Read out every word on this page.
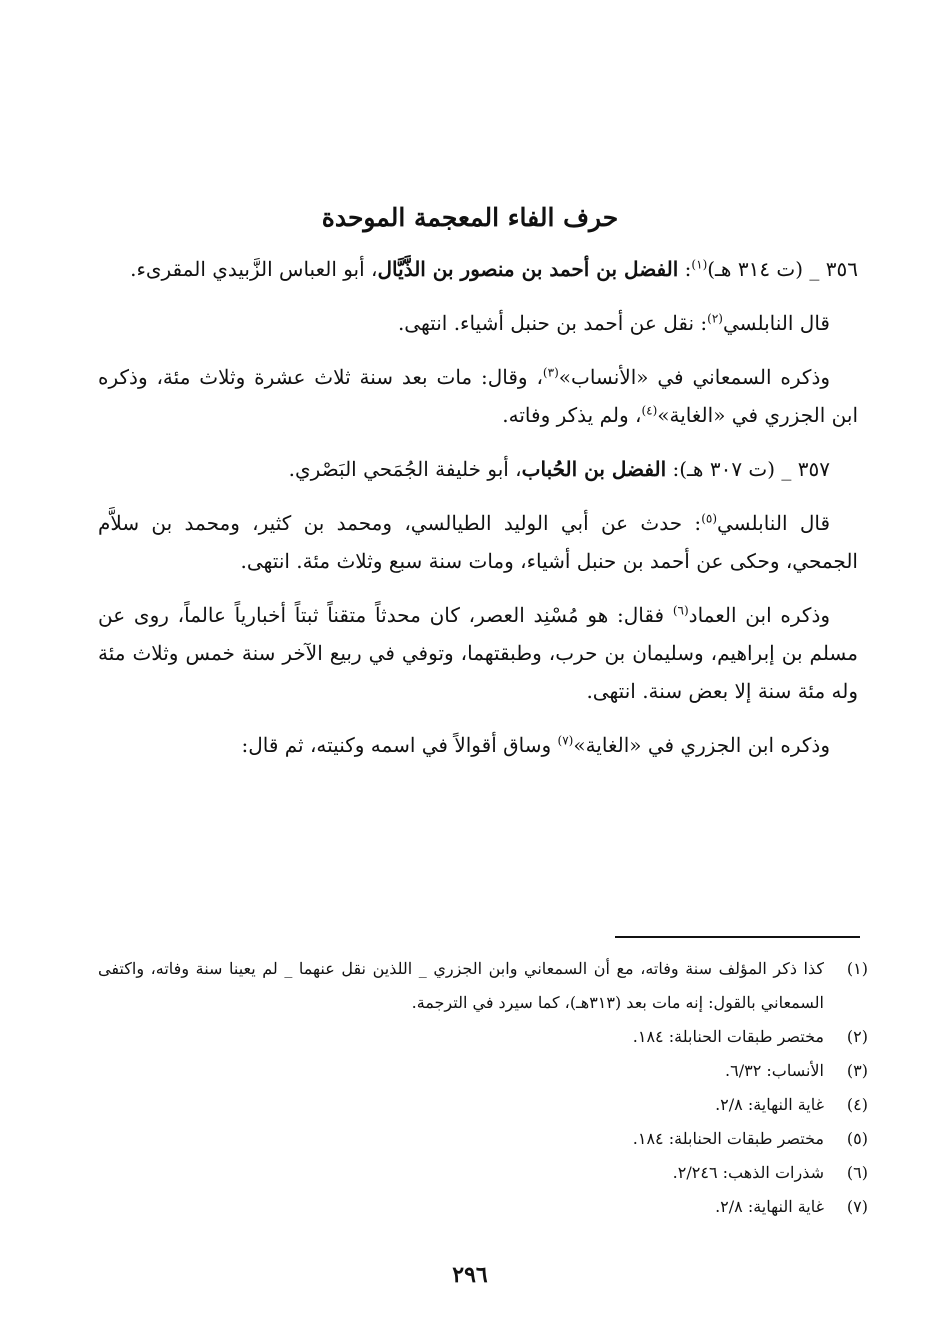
حرف الفاء المعجمة الموحدة

٣٥٦ _ (ت ٣١٤ هـ)$^{(١)}$: الفضل بن أحمد بن منصور بن الذَّيَّال، أبو العباس الزَّبيدي المقرىء.

قال النابلسي$^{(٢)}$: نقل عن أحمد بن حنبل أشياء. انتهى.

وذكره السمعاني في «الأنساب»$^{(٣)}$، وقال: مات بعد سنة ثلاث عشرة وثلاث مئة، وذكره ابن الجزري في «الغاية»$^{(٤)}$، ولم يذكر وفاته.

٣٥٧ _ (ت ٣٠٧ هـ): الفضل بن الحُباب، أبو خليفة الجُمَحي البَصْري.

قال النابلسي$^{(٥)}$: حدث عن أبي الوليد الطيالسي، ومحمد بن كثير، ومحمد بن سلاَّم الجمحي، وحكى عن أحمد بن حنبل أشياء، ومات سنة سبع وثلاث مئة. انتهى.

وذكره ابن العماد$^{(٦)}$ فقال: هو مُسْنِد العصر، كان محدثاً متقناً ثبتاً أخبارياً عالماً، روى عن مسلم بن إبراهيم، وسليمان بن حرب، وطبقتهما، وتوفي في ربيع الآخر سنة خمس وثلاث مئة وله مئة سنة إلا بعض سنة. انتهى.

وذكره ابن الجزري في «الغاية»$^{(٧)}$ وساق أقوالاً في اسمه وكنيته، ثم قال:

(١)
كذا ذكر المؤلف سنة وفاته، مع أن السمعاني وابن الجزري _ اللذين نقل عنهما _ لم يعينا سنة وفاته، واكتفى السمعاني بالقول: إنه مات بعد (٣١٣هـ)، كما سيرد في الترجمة.
(٢)
مختصر طبقات الحنابلة: ١٨٤.
(٣)
الأنساب: ٦/٣٢.
(٤)
غاية النهاية: ٢/٨.
(٥)
مختصر طبقات الحنابلة: ١٨٤.
(٦)
شذرات الذهب: ٢/٢٤٦.
(٧)
غاية النهاية: ٢/٨.
٢٩٦
